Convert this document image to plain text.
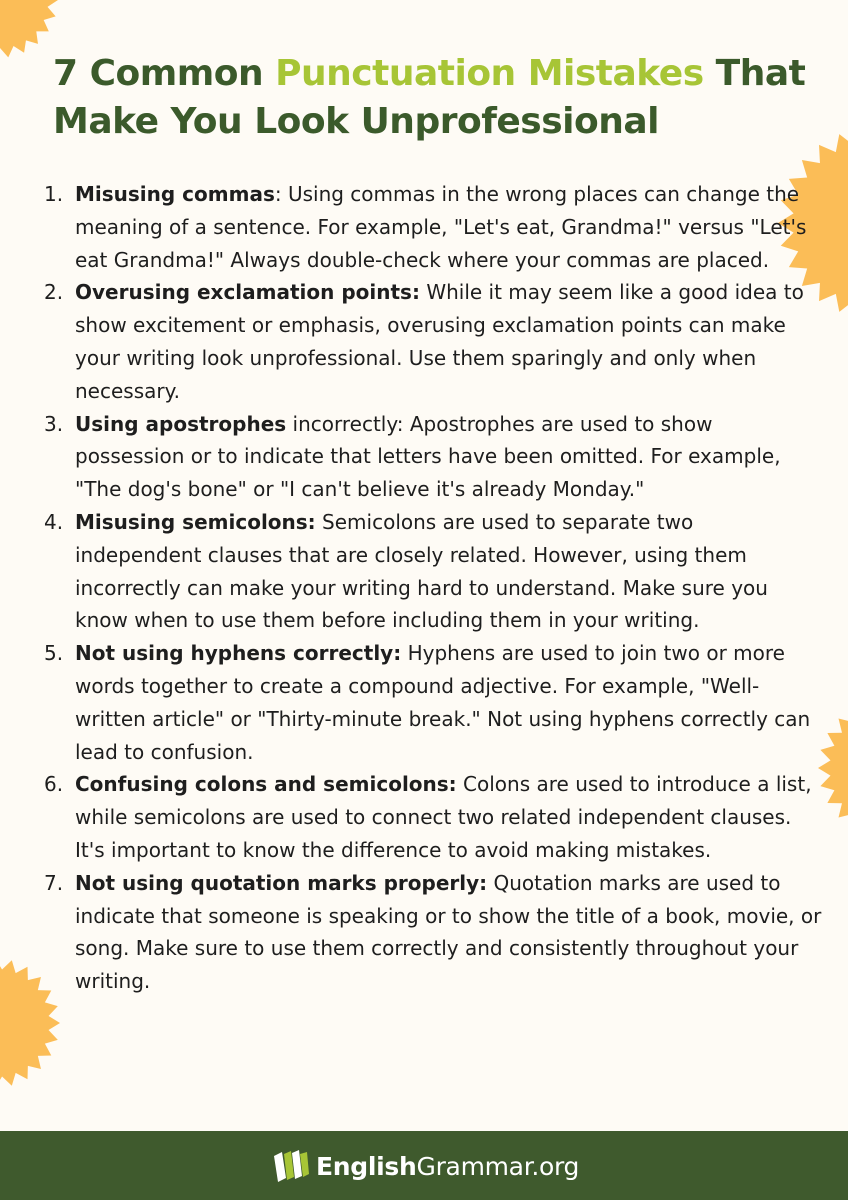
7 Common Punctuation Mistakes That Make You Look Unprofessional
1. Misusing commas: Using commas in the wrong places can change the meaning of a sentence. For example, "Let's eat, Grandma!" versus "Let's eat Grandma!" Always double-check where your commas are placed.
2. Overusing exclamation points: While it may seem like a good idea to show excitement or emphasis, overusing exclamation points can make your writing look unprofessional. Use them sparingly and only when necessary.
3. Using apostrophes incorrectly: Apostrophes are used to show possession or to indicate that letters have been omitted. For example, "The dog's bone" or "I can't believe it's already Monday."
4. Misusing semicolons: Semicolons are used to separate two independent clauses that are closely related. However, using them incorrectly can make your writing hard to understand. Make sure you know when to use them before including them in your writing.
5. Not using hyphens correctly: Hyphens are used to join two or more words together to create a compound adjective. For example, "Well-written article" or "Thirty-minute break." Not using hyphens correctly can lead to confusion.
6. Confusing colons and semicolons: Colons are used to introduce a list, while semicolons are used to connect two related independent clauses. It's important to know the difference to avoid making mistakes.
7. Not using quotation marks properly: Quotation marks are used to indicate that someone is speaking or to show the title of a book, movie, or song. Make sure to use them correctly and consistently throughout your writing.
EnglishGrammar.org
